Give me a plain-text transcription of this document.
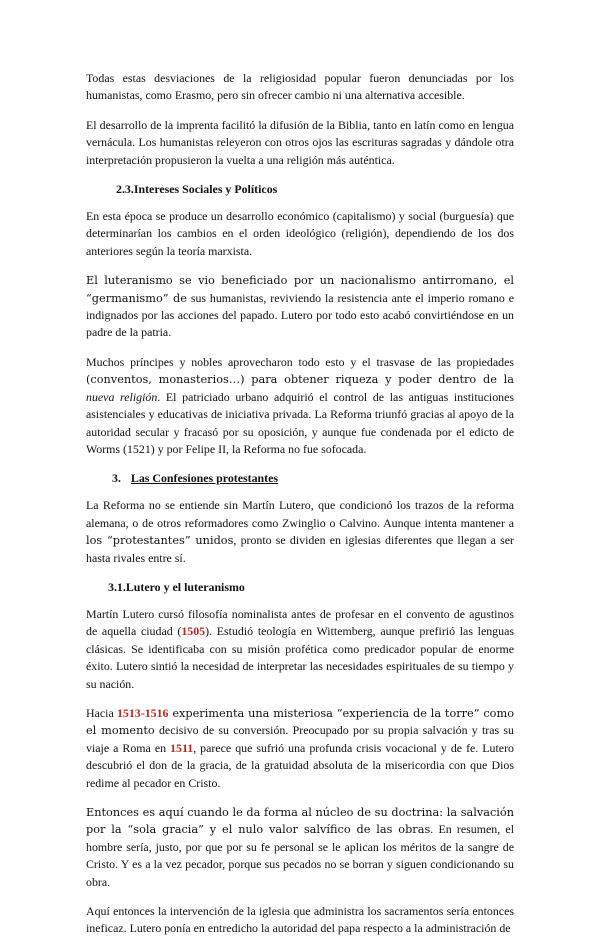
Todas estas desviaciones de la religiosidad popular fueron denunciadas por los humanistas, como Erasmo, pero sin ofrecer cambio ni una alternativa accesible.

El desarrollo de la imprenta facilitó la difusión de la Biblia, tanto en latín como en lengua vernácula. Los humanistas releyeron con otros ojos las escrituras sagradas y dándole otra interpretación propusieron la vuelta a una religión más auténtica.

2.3.Intereses Sociales y Políticos

En esta época se produce un desarrollo económico (capitalismo) y social (burguesía) que determinarían los cambios en el orden ideológico (religión), dependiendo de los dos anteriores según la teoría marxista.

El luteranismo se vio beneficiado por un nacionalismo antirromano, el “germanismo” de sus humanistas, reviviendo la resistencia ante el imperio romano e indignados por las acciones del papado. Lutero por todo esto acabó convirtiéndose en un padre de la patria.

Muchos príncipes y nobles aprovecharon todo esto y el trasvase de las propiedades (conventos, monasterios…) para obtener riqueza y poder dentro de la nueva religión. El patriciado urbano adquirió el control de las antiguas instituciones asistenciales y educativas de iniciativa privada. La Reforma triunfó gracias al apoyo de la autoridad secular y fracasó por su oposición, y aunque fue condenada por el edicto de Worms (1521) y por Felipe II, la Reforma no fue sofocada.

3. Las Confesiones protestantes

La Reforma no se entiende sin Martín Lutero, que condicionó los trazos de la reforma alemana, o de otros reformadores como Zwinglio o Calvino. Aunque intenta mantener a los “protestantes” unidos, pronto se dividen en iglesias diferentes que llegan a ser hasta rivales entre sí.

3.1.Lutero y el luteranismo

Martín Lutero cursó filosofía nominalista antes de profesar en el convento de agustinos de aquella ciudad (1505). Estudió teología en Wittemberg, aunque prefirió las lenguas clásicas. Se identificaba con su misión profética como predicador popular de enorme éxito. Lutero sintió la necesidad de interpretar las necesidades espirituales de su tiempo y su nación.

Hacia 1513-1516 experimenta una misteriosa “experiencia de la torre” como el momento decisivo de su conversión. Preocupado por su propia salvación y tras su viaje a Roma en 1511, parece que sufrió una profunda crisis vocacional y de fe. Lutero descubrió el don de la gracia, de la gratuidad absoluta de la misericordia con que Dios redime al pecador en Cristo.

Entonces es aquí cuando le da forma al núcleo de su doctrina: la salvación por la “sola gracia” y el nulo valor salvífico de las obras. En resumen, el hombre sería, justo, por que por su fe personal se le aplican los méritos de la sangre de Cristo. Y es a la vez pecador, porque sus pecados no se borran y siguen condicionando su obra.

Aquí entonces la intervención de la iglesia que administra los sacramentos sería entonces ineficaz. Lutero ponía en entredicho la autoridad del papa respecto a la administración de
